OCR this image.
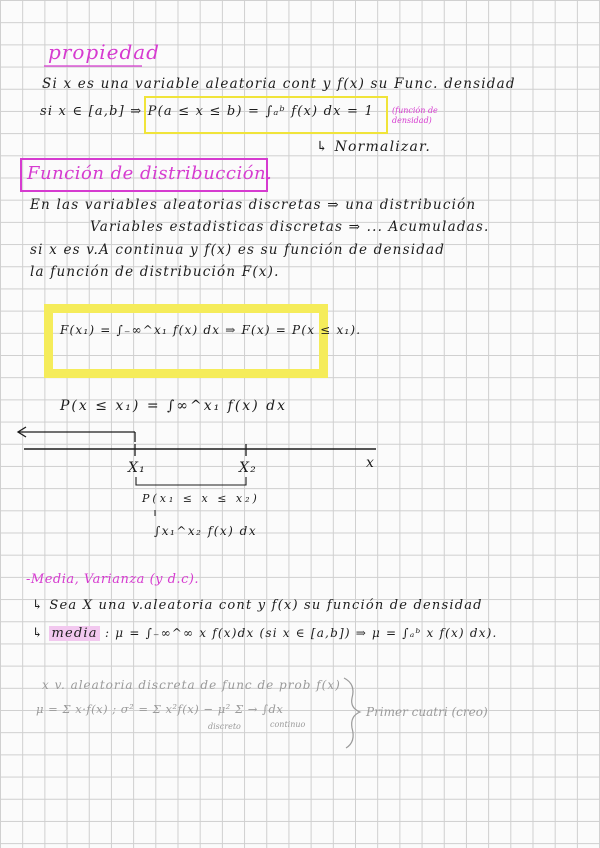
propiedad
Si x es una variable aleatoria cont y f(x) su Func. densidad
si x ∈ [a,b] ⇒ P(a ≤ x ≤ b) = ∫ₐᵇ f(x) dx = 1 (función de densidad)
↳ Normalizar.
Función de distribucción.
En las variables aleatorias discretas ⇒ una distribución
Variables estadisticas discretas ⇒ ... Acumuladas.
si x es v.A continua y f(x) es su función de densidad
la función de distribución F(x).
F(x₁) = ∫₋∞^x₁ f(x) dx ⇒ F(x) = P(x ≤ x₁).
P(x ≤ x₁) = ∫∞^x₁ f(x) dx
X₁	X₂	x
P(x₁ ≤ x ≤ x₂)
∫x₁^x₂ f(x) dx
-Media, Varianza (y d.c).
↳ Sea X una v.aleatoria cont y f(x) su función de densidad
↳ media : μ = ∫₋∞^∞ x f(x)dx (si x ∈ [a,b]) ⇒ μ = ∫ₐᵇ x f(x) dx).
x v. aleatoria discreta de func de prob f(x)
μ = Σ x·f(x) ; σ² = Σ x²f(x) − μ² Σ → ∫dx
discreto	continuo
Primer cuatri (creo)
